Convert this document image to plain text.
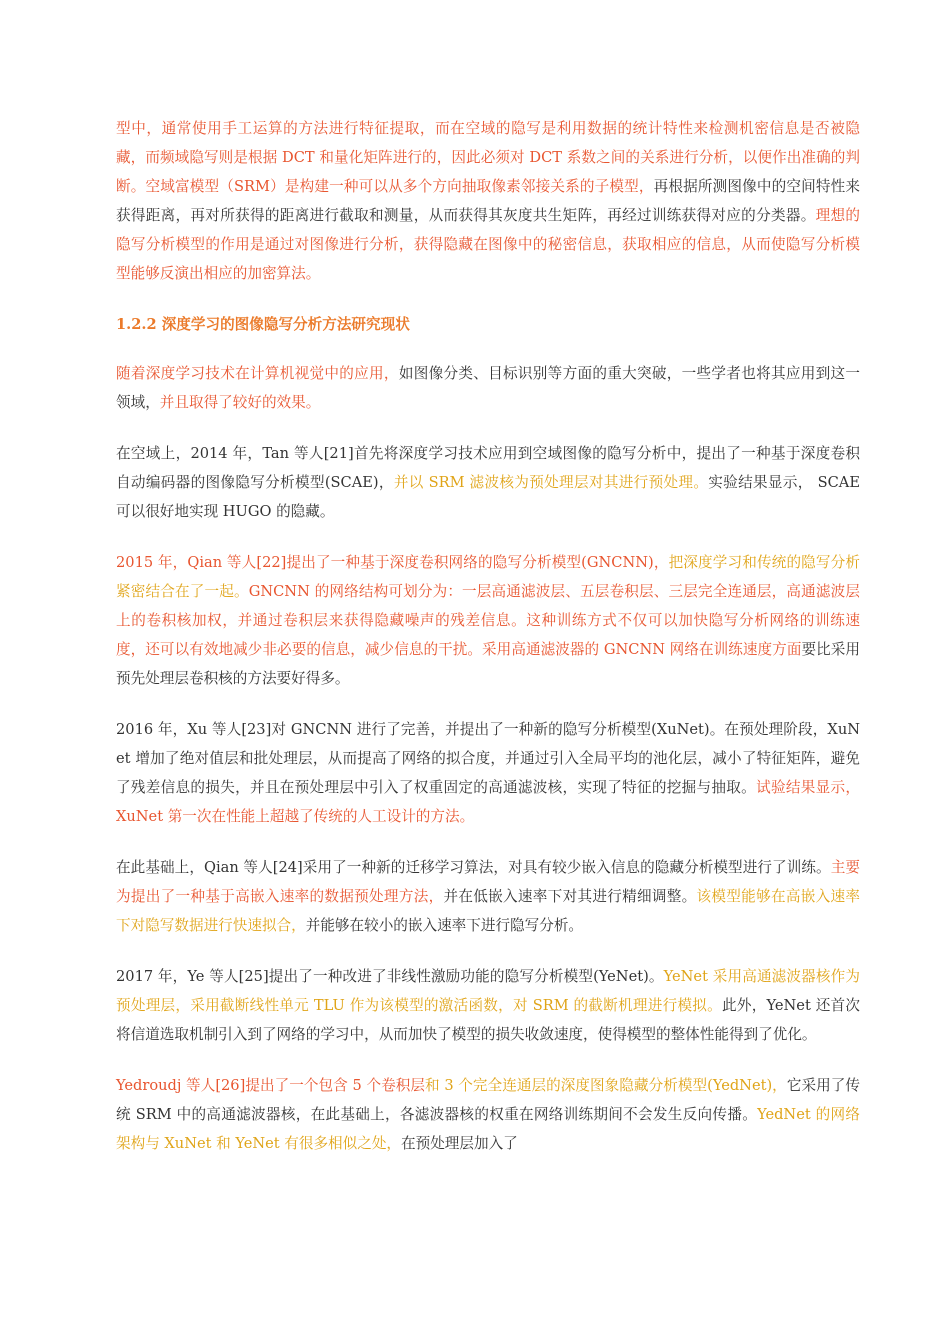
型中，通常使用手工运算的方法进行特征提取，而在空域的隐写是利用数据的统计特性来检测机密信息是否被隐藏，而频域隐写则是根据 DCT 和量化矩阵进行的，因此必须对 DCT 系数之间的关系进行分析，以便作出准确的判断。空域富模型（SRM）是构建一种可以从多个方向抽取像素邻接关系的子模型，再根据所测图像中的空间特性来获得距离，再对所获得的距离进行截取和测量，从而获得其灰度共生矩阵，再经过训练获得对应的分类器。理想的隐写分析模型的作用是通过对图像进行分析，获得隐藏在图像中的秘密信息，获取相应的信息，从而使隐写分析模型能够反演出相应的加密算法。

1.2.2 深度学习的图像隐写分析方法研究现状

随着深度学习技术在计算机视觉中的应用，如图像分类、目标识别等方面的重大突破，一些学者也将其应用到这一领域，并且取得了较好的效果。

在空域上，2014 年，Tan 等人[21]首先将深度学习技术应用到空域图像的隐写分析中，提出了一种基于深度卷积自动编码器的图像隐写分析模型(SCAE)，并以 SRM 滤波核为预处理层对其进行预处理。实验结果显示， SCAE 可以很好地实现 HUGO 的隐藏。

2015 年，Qian 等人[22]提出了一种基于深度卷积网络的隐写分析模型(GNCNN)，把深度学习和传统的隐写分析紧密结合在了一起。GNCNN 的网络结构可划分为：一层高通滤波层、五层卷积层、三层完全连通层，高通滤波层上的卷积核加权，并通过卷积层来获得隐藏噪声的残差信息。这种训练方式不仅可以加快隐写分析网络的训练速度，还可以有效地减少非必要的信息，减少信息的干扰。采用高通滤波器的 GNCNN 网络在训练速度方面要比采用预先处理层卷积核的方法要好得多。

2016 年，Xu 等人[23]对 GNCNN 进行了完善，并提出了一种新的隐写分析模型(XuNet)。在预处理阶段，XuNet 增加了绝对值层和批处理层，从而提高了网络的拟合度，并通过引入全局平均的池化层，减小了特征矩阵，避免了残差信息的损失，并且在预处理层中引入了权重固定的高通滤波核，实现了特征的挖掘与抽取。试验结果显示， XuNet 第一次在性能上超越了传统的人工设计的方法。

在此基础上，Qian 等人[24]采用了一种新的迁移学习算法，对具有较少嵌入信息的隐藏分析模型进行了训练。主要为提出了一种基于高嵌入速率的数据预处理方法，并在低嵌入速率下对其进行精细调整。该模型能够在高嵌入速率下对隐写数据进行快速拟合，并能够在较小的嵌入速率下进行隐写分析。

2017 年，Ye 等人[25]提出了一种改进了非线性激励功能的隐写分析模型(YeNet)。YeNet 采用高通滤波器核作为预处理层，采用截断线性单元 TLU 作为该模型的激活函数，对 SRM 的截断机理进行模拟。此外，YeNet 还首次将信道选取机制引入到了网络的学习中，从而加快了模型的损失收敛速度，使得模型的整体性能得到了优化。

Yedroudj 等人[26]提出了一个包含 5 个卷积层和 3 个完全连通层的深度图象隐藏分析模型(YedNet)，它采用了传统 SRM 中的高通滤波器核，在此基础上，各滤波器核的权重在网络训练期间不会发生反向传播。YedNet 的网络架构与 XuNet 和 YeNet 有很多相似之处，在预处理层加入了
